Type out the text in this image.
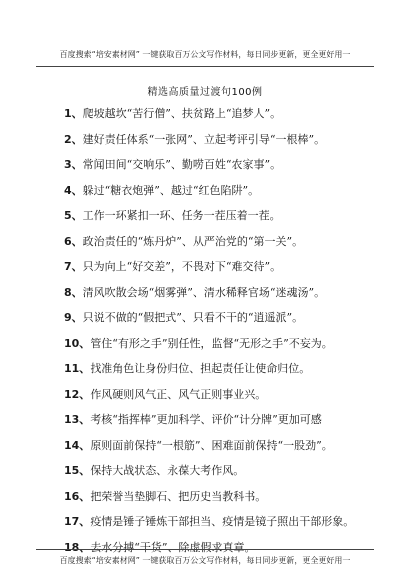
百度搜索“培安素材网” 一键获取百万公文写作材料，每日同步更新，更全更好用一
精选高质量过渡句100例
1、爬坡越坎“苦行僧”、扶贫路上“追梦人”。
2、建好责任体系“一张网”、立起考评引导“一根棒”。
3、常闻田间“交响乐”、勤唠百姓“农家事”。
4、躲过“糖衣炮弹”、越过“红色陷阱”。
5、工作一环紧扣一环、任务一茬压着一茬。
6、政治责任的“炼丹炉”、从严治党的“第一关”。
7、只为向上“好交差”，不畏对下“难交待”。
8、清风吹散会场“烟雾弹”、清水稀释官场“迷魂汤”。
9、只说不做的“假把式”、只看不干的“逍遥派”。
10、管住“有形之手”别任性，监督“无形之手”不妄为。
11、找准角色让身份归位、担起责任让使命归位。
12、作风硬则风气正、风气正则事业兴。
13、考核“指挥棒”更加科学、评价“计分牌”更加可感
14、原则面前保持“一根筋”、困难面前保持“一股劲”。
15、保持大战状态、永葆大考作风。
16、把荣誉当垫脚石、把历史当教科书。
17、疫情是锤子锤炼干部担当、疫情是镜子照出干部形象。
18、去水分搏“干货”、除虚假求真章。
百度搜索“培安素材网” 一键获取百万公文写作材料，每日同步更新，更全更好用一
